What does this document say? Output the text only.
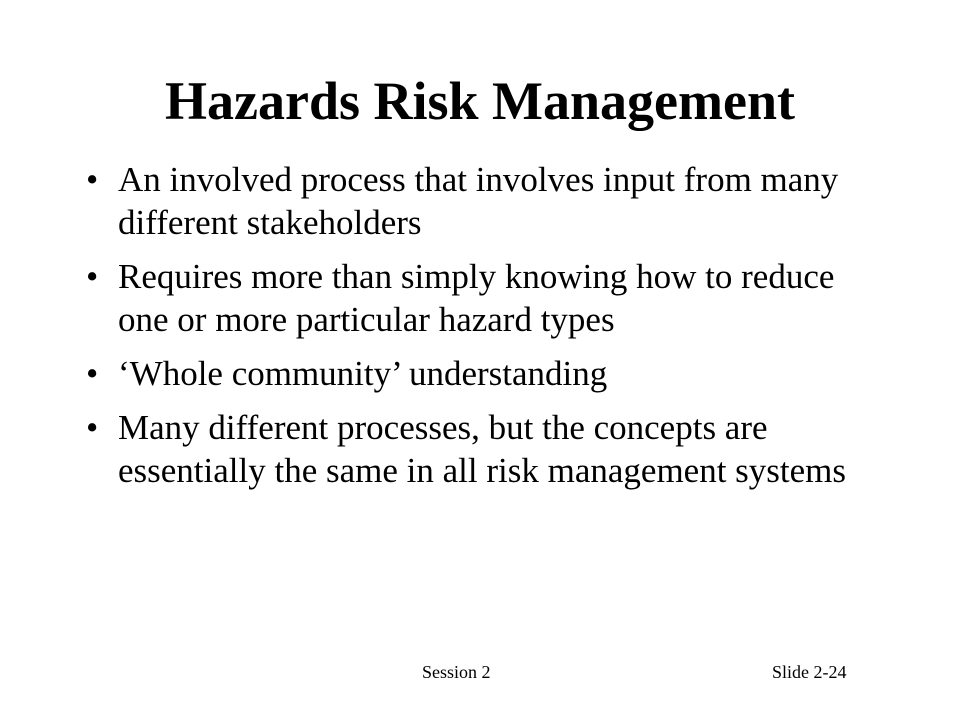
Hazards Risk Management
• An involved process that involves input from many different stakeholders
• Requires more than simply knowing how to reduce one or more particular hazard types
• ‘Whole community’ understanding
• Many different processes, but the concepts are essentially the same in all risk management systems
Session 2	Slide 2-24
